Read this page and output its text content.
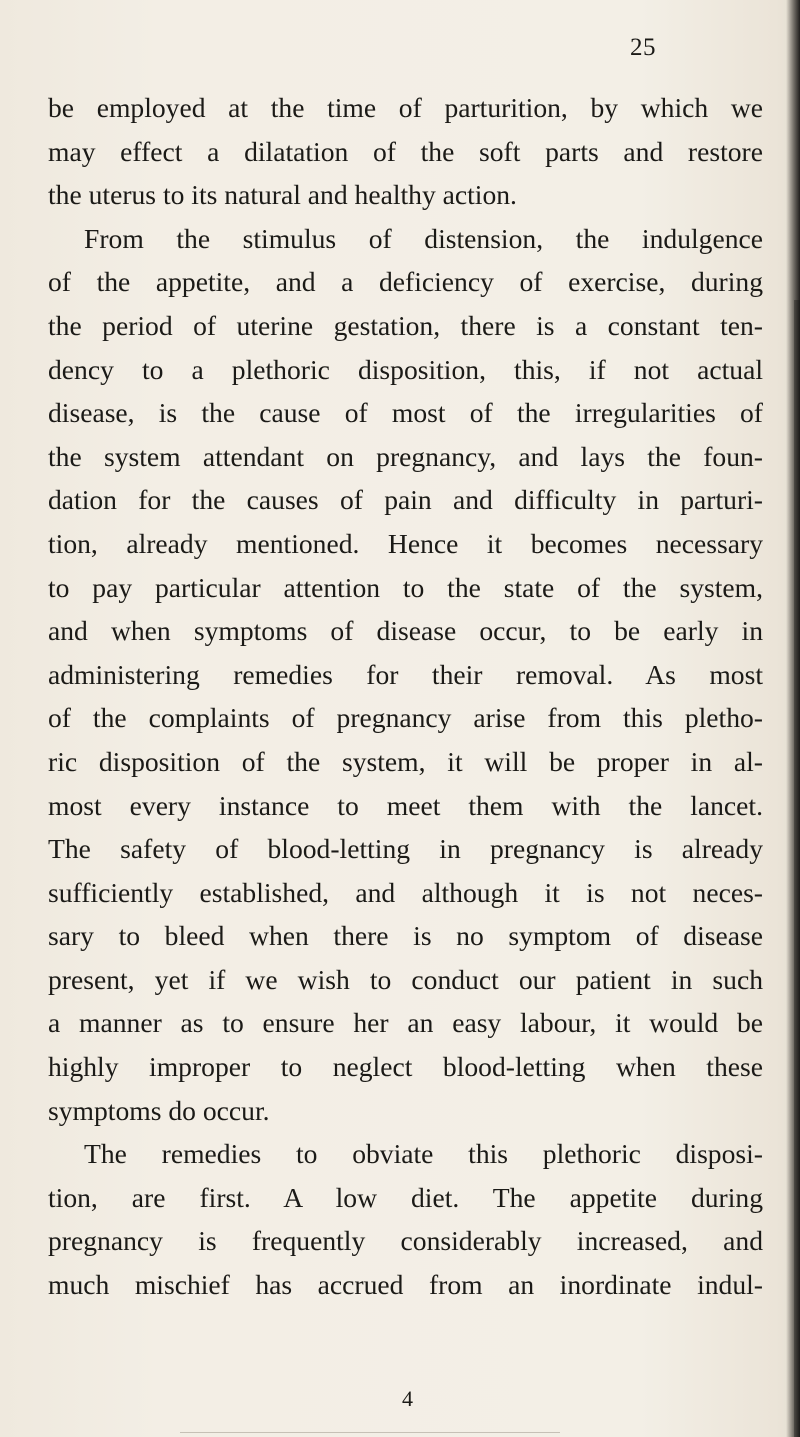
25
be employed at the time of parturition, by which we
may effect a dilatation of the soft parts and restore
the uterus to its natural and healthy action.
From the stimulus of distension, the indulgence
of the appetite, and a deficiency of exercise, during
the period of uterine gestation, there is a constant ten-
dency to a plethoric disposition, this, if not actual
disease, is the cause of most of the irregularities of
the system attendant on pregnancy, and lays the foun-
dation for the causes of pain and difficulty in parturi-
tion, already mentioned. Hence it becomes necessary
to pay particular attention to the state of the system,
and when symptoms of disease occur, to be early in
administering remedies for their removal. As most
of the complaints of pregnancy arise from this pletho-
ric disposition of the system, it will be proper in al-
most every instance to meet them with the lancet.
The safety of blood-letting in pregnancy is already
sufficiently established, and although it is not neces-
sary to bleed when there is no symptom of disease
present, yet if we wish to conduct our patient in such
a manner as to ensure her an easy labour, it would be
highly improper to neglect blood-letting when these
symptoms do occur.
The remedies to obviate this plethoric disposi-
tion, are first. A low diet. The appetite during
pregnancy is frequently considerably increased, and
much mischief has accrued from an inordinate indul-
4
